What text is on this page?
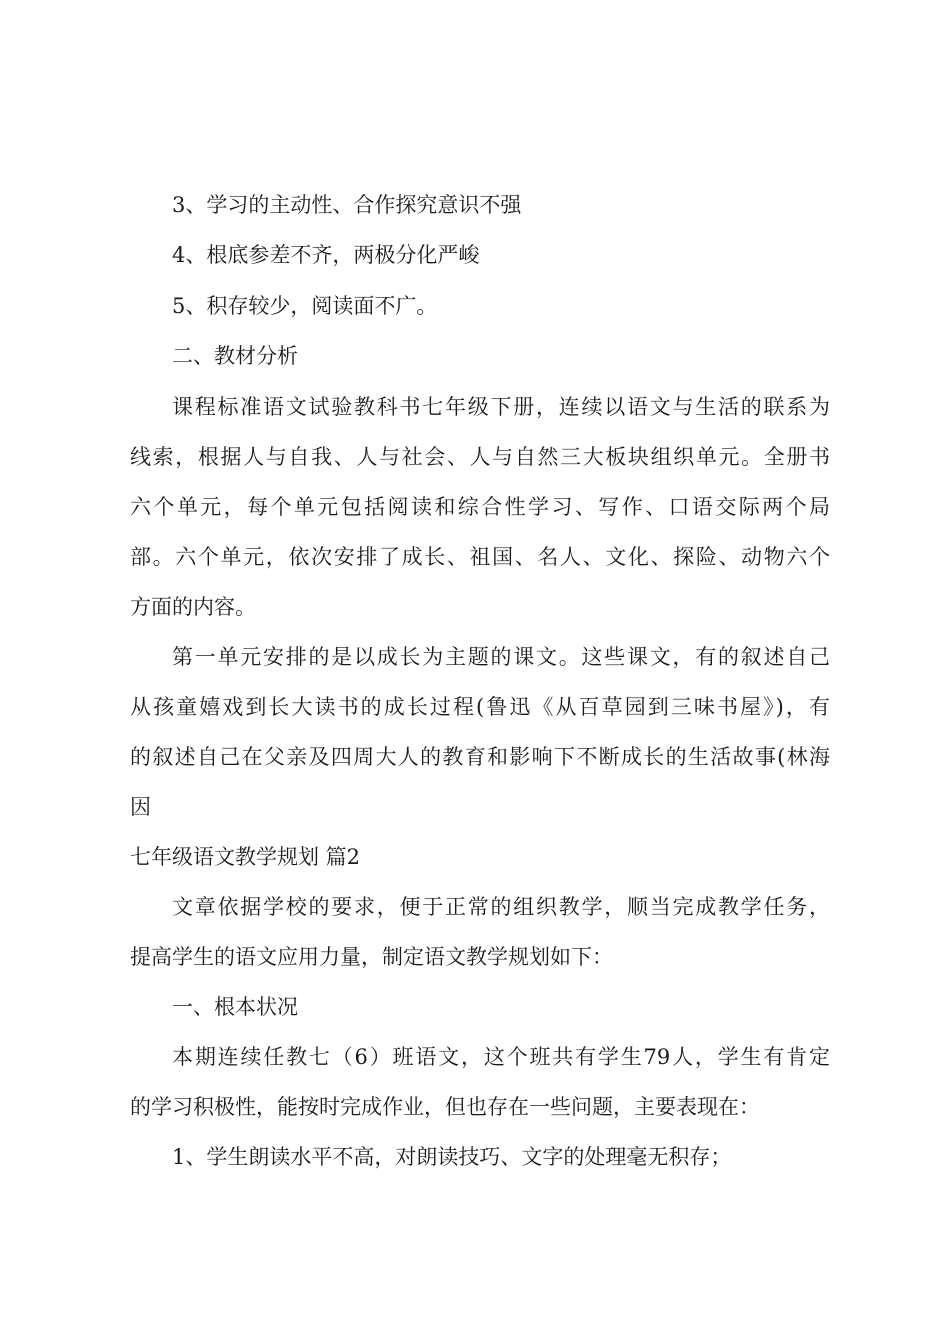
3、学习的主动性、合作探究意识不强
4、根底参差不齐，两极分化严峻
5、积存较少，阅读面不广。
二、教材分析
课程标准语文试验教科书七年级下册，连续以语文与生活的联系为
线索，根据人与自我、人与社会、人与自然三大板块组织单元。全册书
六个单元，每个单元包括阅读和综合性学习、写作、口语交际两个局
部。六个单元，依次安排了成长、祖国、名人、文化、探险、动物六个
方面的内容。
第一单元安排的是以成长为主题的课文。这些课文，有的叙述自己
从孩童嬉戏到长大读书的成长过程(鲁迅《从百草园到三味书屋》)，有
的叙述自己在父亲及四周大人的教育和影响下不断成长的生活故事(林海
因
七年级语文教学规划 篇2
文章依据学校的要求，便于正常的组织教学，顺当完成教学任务，
提高学生的语文应用力量，制定语文教学规划如下：
一、根本状况
本期连续任教七（6）班语文，这个班共有学生79人，学生有肯定
的学习积极性，能按时完成作业，但也存在一些问题，主要表现在：
1、学生朗读水平不高，对朗读技巧、文字的处理毫无积存；
